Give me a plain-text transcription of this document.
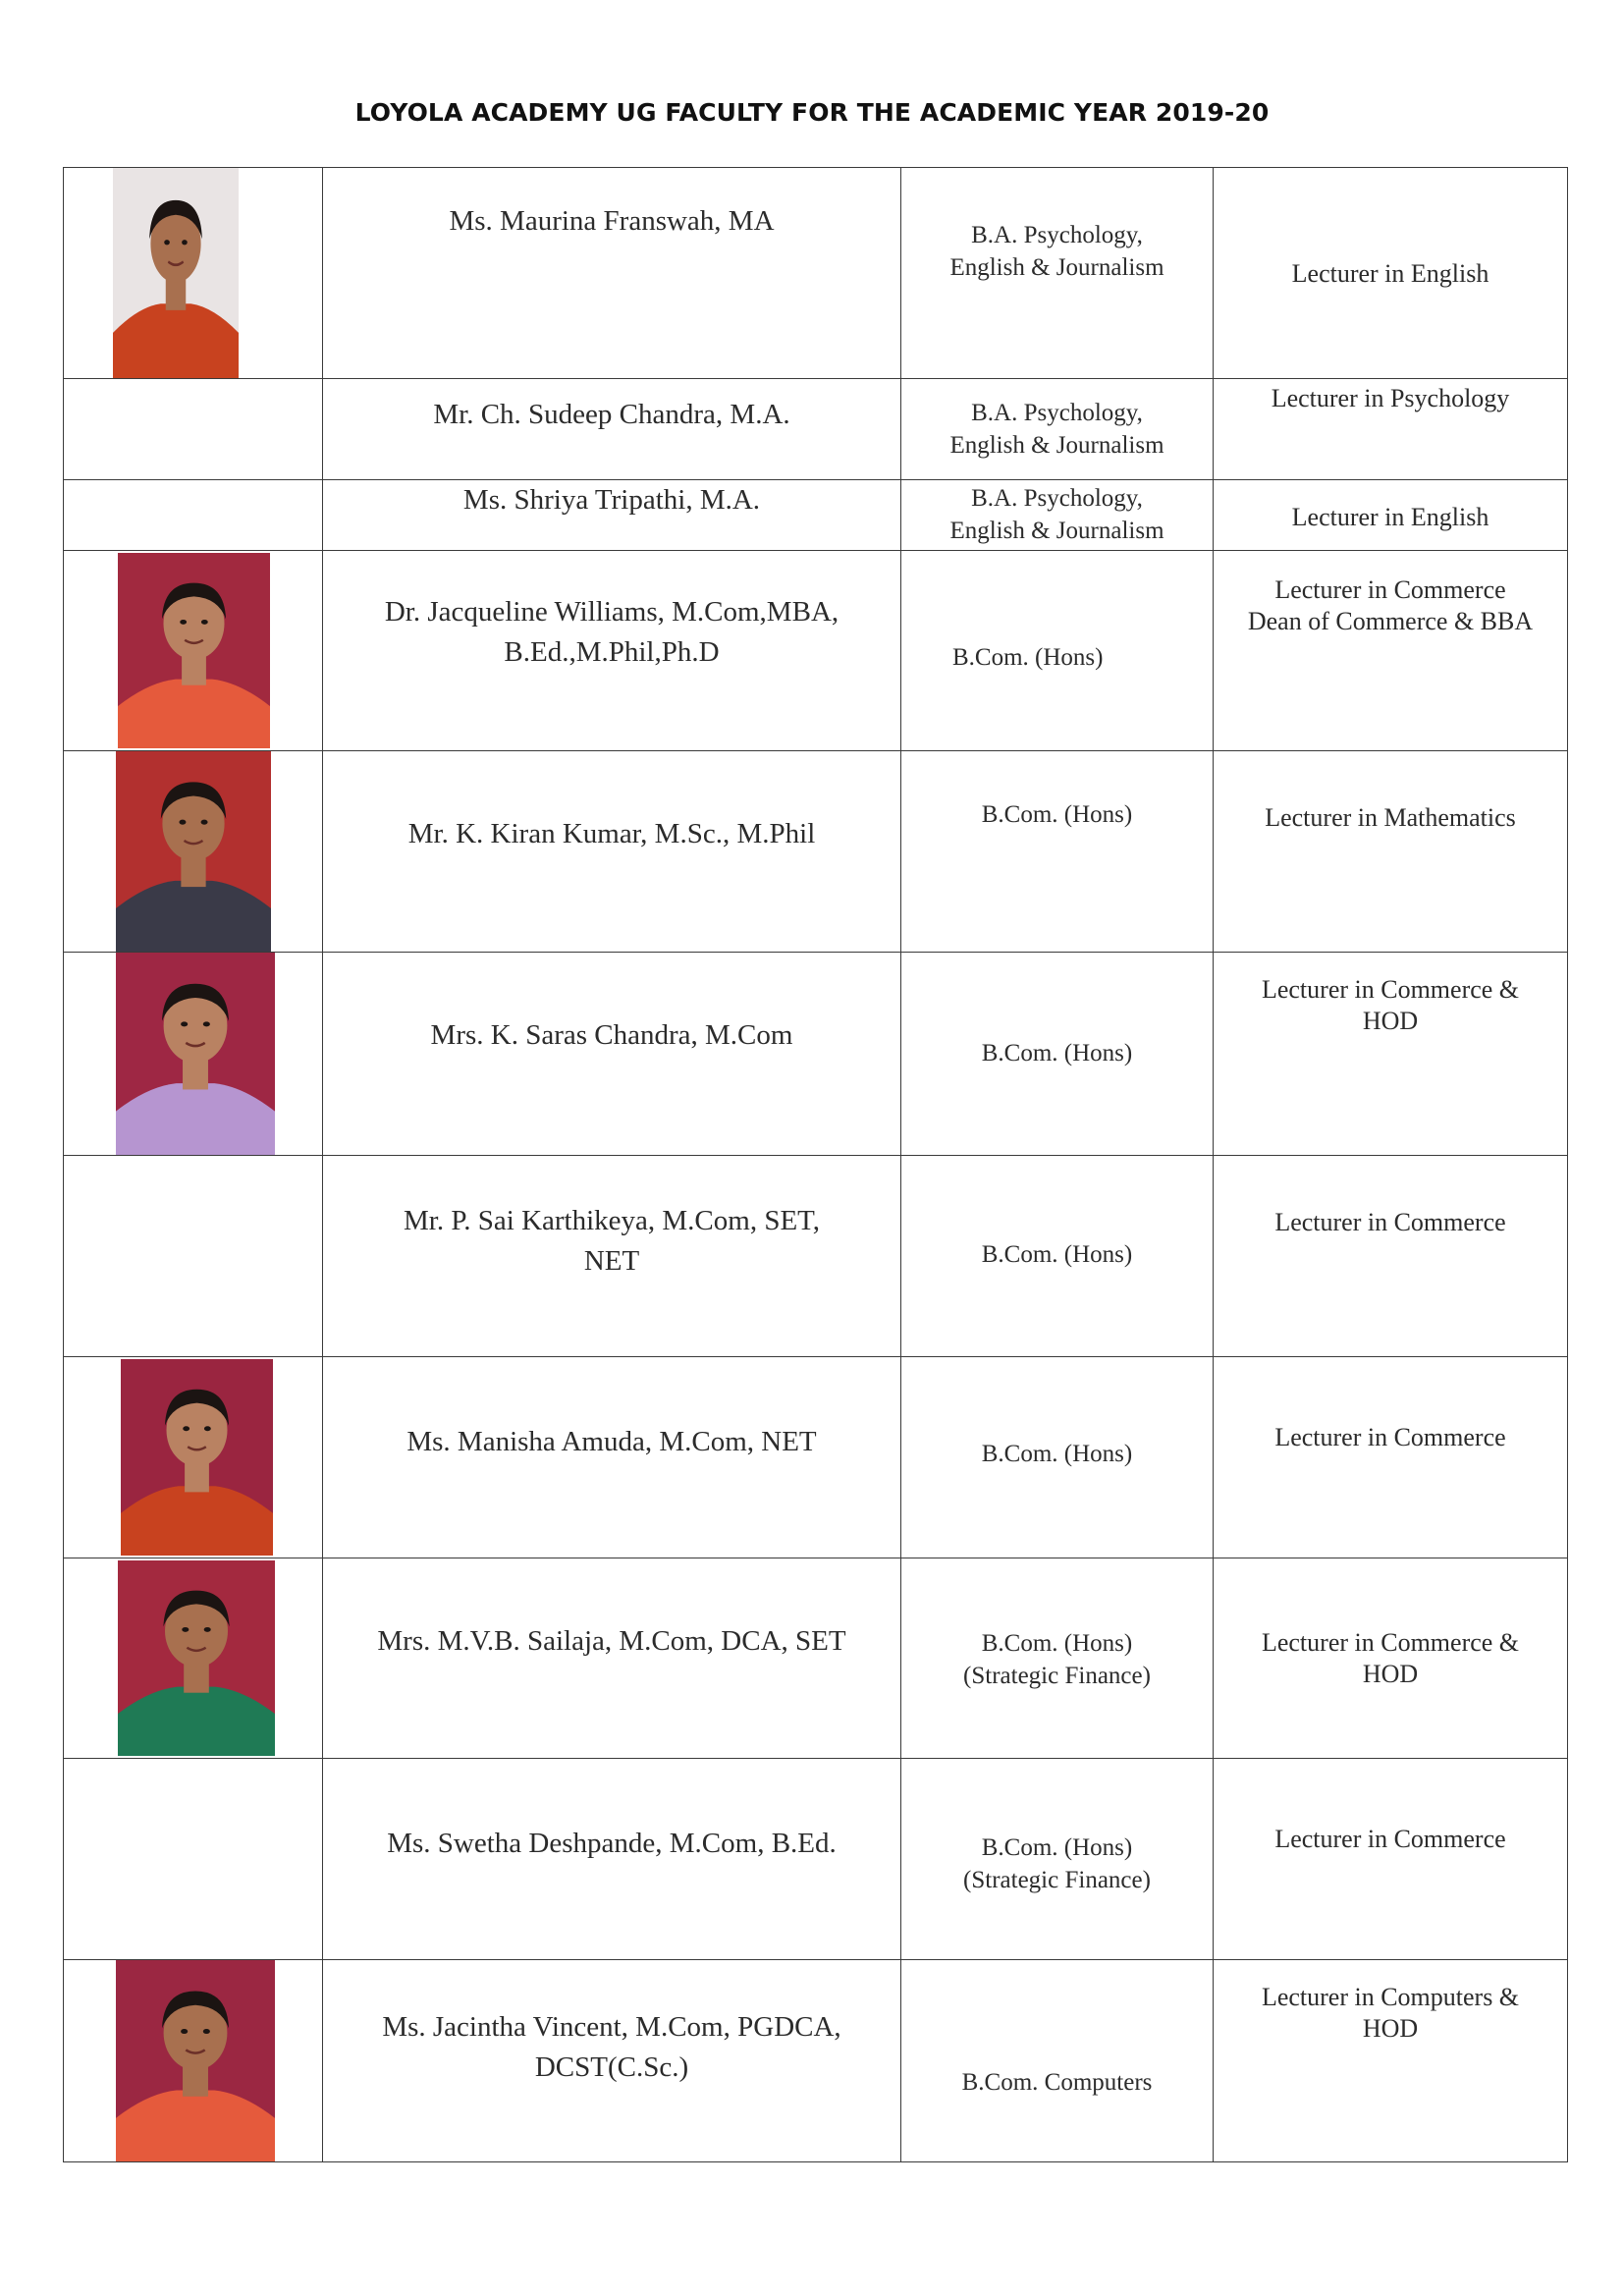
LOYOLA ACADEMY UG FACULTY FOR THE ACADEMIC YEAR 2019-20

Ms. Maurina Franswah, MA	B.A. Psychology,
English & Journalism	Lecturer in English

	Mr. Ch. Sudeep Chandra, M.A.	B.A. Psychology,
English & Journalism	Lecturer in Psychology

	Ms. Shriya Tripathi, M.A.	B.A. Psychology,
English & Journalism	Lecturer in English

Dr. Jacqueline Williams, M.Com,MBA,
B.Ed.,M.Phil,Ph.D	B.Com. (Hons)	Lecturer in Commerce
Dean of Commerce & BBA

Mr. K. Kiran Kumar, M.Sc., M.Phil	B.Com. (Hons)	Lecturer in Mathematics

Mrs. K. Saras Chandra, M.Com	B.Com. (Hons)	Lecturer in Commerce &
HOD

	Mr. P. Sai Karthikeya, M.Com, SET,
NET	B.Com. (Hons)	Lecturer in Commerce

Ms. Manisha Amuda, M.Com, NET	B.Com. (Hons)	Lecturer in Commerce

Mrs. M.V.B. Sailaja, M.Com, DCA, SET	B.Com. (Hons)
(Strategic Finance)	Lecturer in Commerce &
HOD

	Ms. Swetha Deshpande, M.Com, B.Ed.	B.Com. (Hons)
(Strategic Finance)	Lecturer in Commerce

Ms. Jacintha Vincent, M.Com, PGDCA,
DCST(C.Sc.)	B.Com. Computers	Lecturer in Computers &
HOD
